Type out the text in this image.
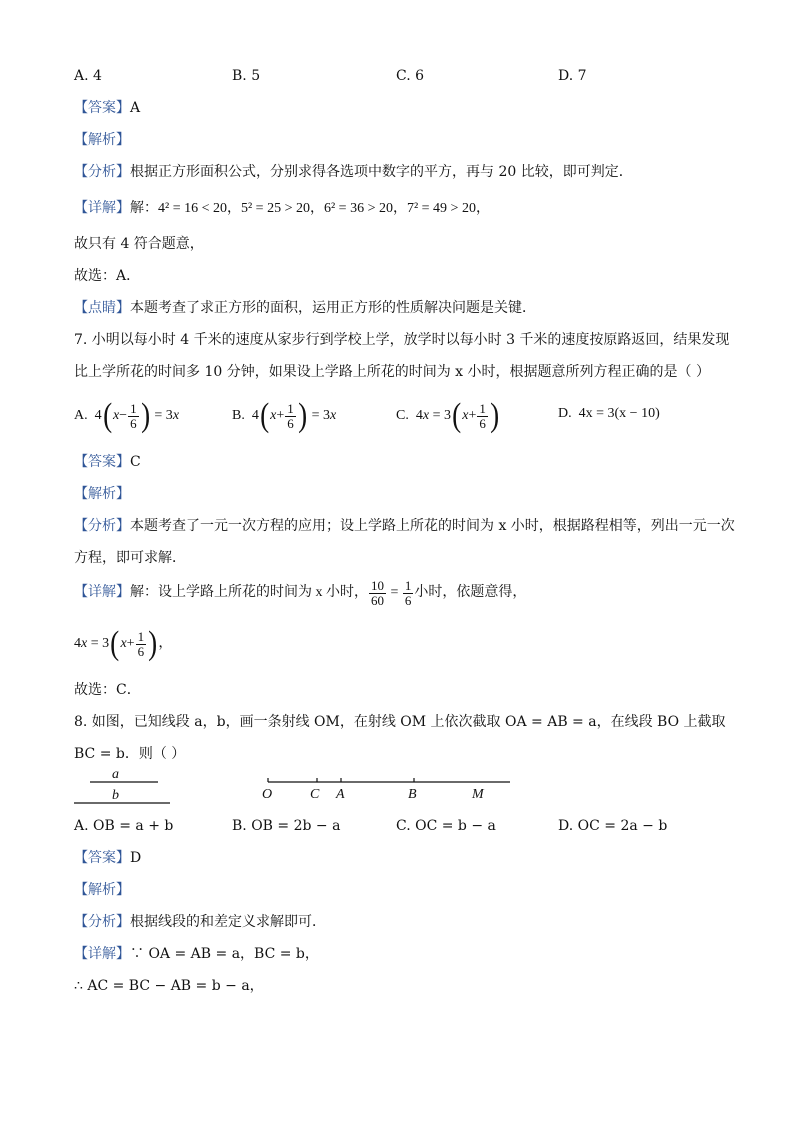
A. 4	B. 5	C. 6	D. 7
【答案】A
【解析】
【分析】根据正方形面积公式，分别求得各选项中数字的平方，再与 20 比较，即可判定．
【详解】解：4² = 16 < 20，5² = 25 > 20，6² = 36 > 20，7² = 49 > 20，
故只有 4 符合题意，
故选：A．
【点睛】本题考查了求正方形的面积，运用正方形的性质解决问题是关键．
7. 小明以每小时 4 千米的速度从家步行到学校上学，放学时以每小时 3 千米的速度按原路返回，结果发现
比上学所花的时间多 10 分钟，如果设上学路上所花的时间为 x 小时，根据题意所列方程正确的是（ ）
A. 4 ( $x - \frac{1}{6}$ ) = 3 x	B. 4 ( $x + \frac{1}{6}$ ) = 3 x	C. 4 x = 3 ( $x + \frac{1}{6}$ )	D.
4x = 3(x − 10)
【答案】C
【解析】
【分析】本题考查了一元一次方程的应用；设上学路上所花的时间为 x 小时，根据路程相等，列出一元一次
方程，即可求解．
【详解】 解：设上学路上所花的时间为 x 小时， $\frac{10}{60} = \frac{1}{6}$ 小时，依题意得，
4 x = 3 ( $x + \frac{1}{6}$ ) ，
故选：C．
8. 如图，已知线段 a，b，画一条射线 OM，在射线 OM 上依次截取 OA = AB = a，在线段 BO 上截取
BC = b．则（ ）
a
b	O	C A	B	M
A. OB = a + b	B. OB = 2b − a	C. OC = b − a	D. OC = 2a − b
【答案】D
【解析】
【分析】根据线段的和差定义求解即可．
【详解】∵ OA = AB = a，BC = b，
∴ AC = BC − AB = b − a，
